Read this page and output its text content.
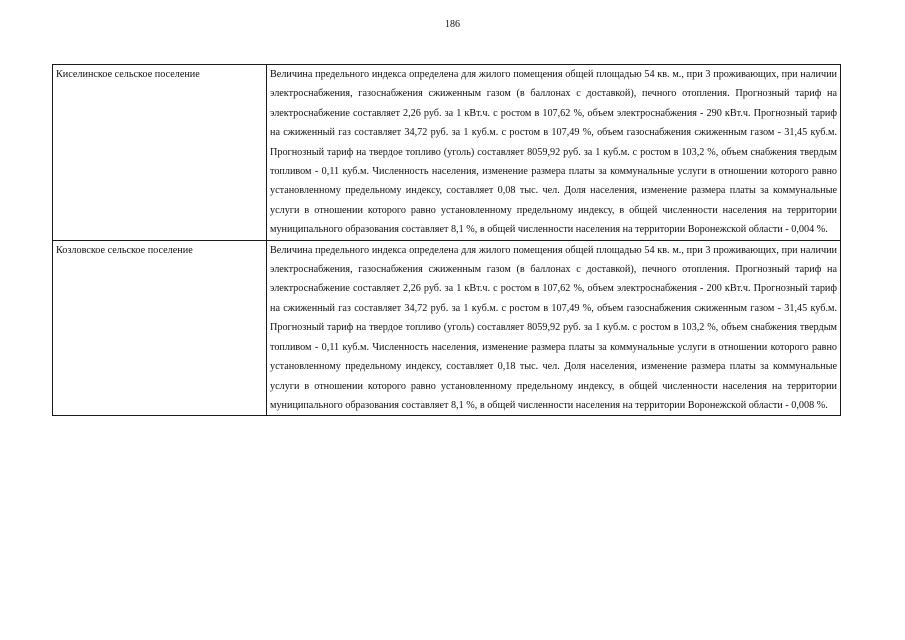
186
Киселинское сельское поселение	Величина предельного индекса определена для жилого помещения общей площадью 54 кв. м., при 3 проживающих, при наличии электроснабжения, газоснабжения сжиженным газом (в баллонах с доставкой), печного отопления. Прогнозный тариф на электроснабжение составляет 2,26 руб. за 1 кВт.ч. с ростом в 107,62 %, объем электроснабжения - 290 кВт.ч. Прогнозный тариф на сжиженный газ составляет 34,72 руб. за 1 куб.м. с ростом в 107,49 %, объем газоснабжения сжиженным газом - 31,45 куб.м. Прогнозный тариф на твердое топливо (уголь) составляет 8059,92 руб. за 1 куб.м. с ростом в 103,2 %, объем снабжения твердым топливом - 0,11 куб.м. Численность населения, изменение размера платы за коммунальные услуги в отношении которого равно установленному предельному индексу, составляет 0,08 тыс. чел. Доля населения, изменение размера платы за коммунальные услуги в отношении которого равно установленному предельному индексу, в общей численности населения на территории муниципального образования составляет 8,1 %, в общей численности населения на территории Воронежской области - 0,004 %.
Козловское сельское поселение	Величина предельного индекса определена для жилого помещения общей площадью 54 кв. м., при 3 проживающих, при наличии электроснабжения, газоснабжения сжиженным газом (в баллонах с доставкой), печного отопления. Прогнозный тариф на электроснабжение составляет 2,26 руб. за 1 кВт.ч. с ростом в 107,62 %, объем электроснабжения - 200 кВт.ч. Прогнозный тариф на сжиженный газ составляет 34,72 руб. за 1 куб.м. с ростом в 107,49 %, объем газоснабжения сжиженным газом - 31,45 куб.м. Прогнозный тариф на твердое топливо (уголь) составляет 8059,92 руб. за 1 куб.м. с ростом в 103,2 %, объем снабжения твердым топливом - 0,11 куб.м. Численность населения, изменение размера платы за коммунальные услуги в отношении которого равно установленному предельному индексу, составляет 0,18 тыс. чел. Доля населения, изменение размера платы за коммунальные услуги в отношении которого равно установленному предельному индексу, в общей численности населения на территории муниципального образования составляет 8,1 %, в общей численности населения на территории Воронежской области - 0,008 %.
